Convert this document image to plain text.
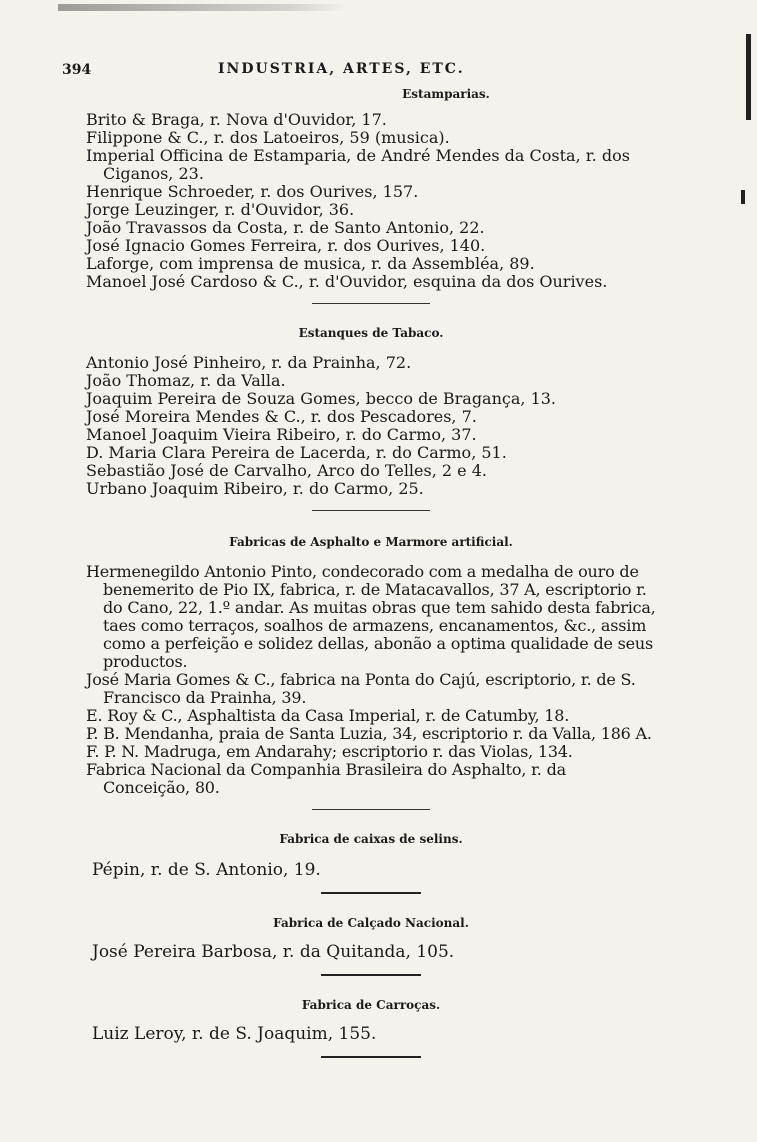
394	INDUSTRIA, ARTES, ETC.
Estamparias.
Brito & Braga, r. Nova d'Ouvidor, 17.
Filippone & C., r. dos Latoeiros, 59 (musica).
Imperial Officina de Estamparia, de André Mendes da Costa, r. dos Ciganos, 23.
Henrique Schroeder, r. dos Ourives, 157.
Jorge Leuzinger, r. d'Ouvidor, 36.
João Travassos da Costa, r. de Santo Antonio, 22.
José Ignacio Gomes Ferreira, r. dos Ourives, 140.
Laforge, com imprensa de musica, r. da Assembléa, 89.
Manoel José Cardoso & C., r. d'Ouvidor, esquina da dos Ourives.
Estanques de Tabaco.
Antonio José Pinheiro, r. da Prainha, 72.
João Thomaz, r. da Valla.
Joaquim Pereira de Souza Gomes, becco de Bragança, 13.
José Moreira Mendes & C., r. dos Pescadores, 7.
Manoel Joaquim Vieira Ribeiro, r. do Carmo, 37.
D. Maria Clara Pereira de Lacerda, r. do Carmo, 51.
Sebastião José de Carvalho, Arco do Telles, 2 e 4.
Urbano Joaquim Ribeiro, r. do Carmo, 25.
Fabricas de Asphalto e Marmore artificial.
Hermenegildo Antonio Pinto, condecorado com a medalha de ouro de benemerito de Pio IX, fabrica, r. de Matacavallos, 37 A, escriptorio r. do Cano, 22, 1.º andar. As muitas obras que tem sahido desta fabrica, taes como terraços, soalhos de armazens, encanamentos, &c., assim como a perfeição e solidez dellas, abonão a optima qualidade de seus productos.
José Maria Gomes & C., fabrica na Ponta do Cajú, escriptorio, r. de S. Francisco da Prainha, 39.
E. Roy & C., Asphaltista da Casa Imperial, r. de Catumby, 18.
P. B. Mendanha, praia de Santa Luzia, 34, escriptorio r. da Valla, 186 A.
F. P. N. Madruga, em Andarahy; escriptorio r. das Violas, 134.
Fabrica Nacional da Companhia Brasileira do Asphalto, r. da Conceição, 80.
Fabrica de caixas de selins.
Pépin, r. de S. Antonio, 19.
Fabrica de Calçado Nacional.
José Pereira Barbosa, r. da Quitanda, 105.
Fabrica de Carroças.
Luiz Leroy, r. de S. Joaquim, 155.
